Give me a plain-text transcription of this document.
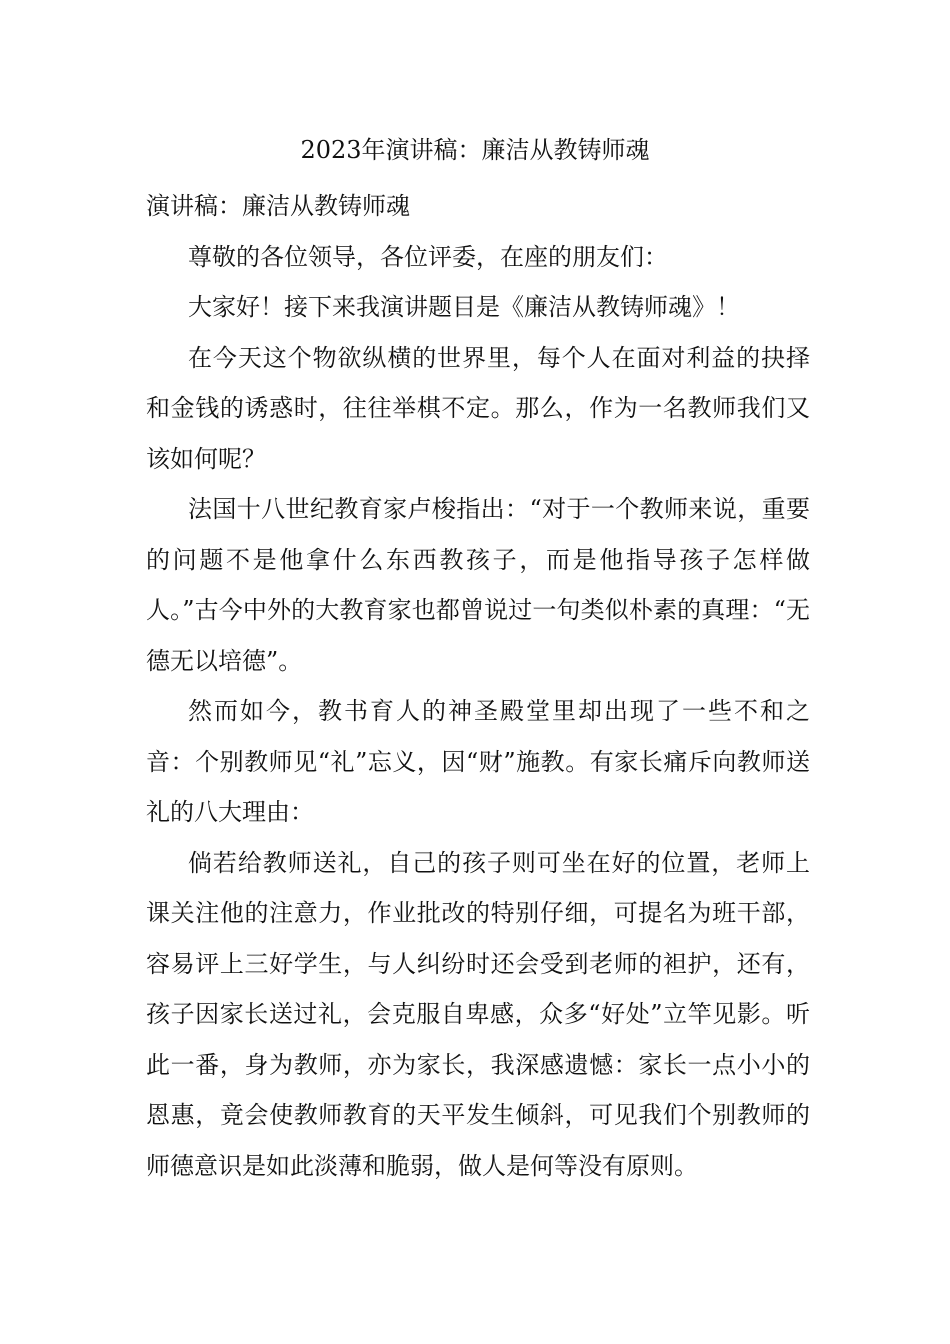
2023年演讲稿：廉洁从教铸师魂

演讲稿：廉洁从教铸师魂

尊敬的各位领导，各位评委，在座的朋友们：

大家好！接下来我演讲题目是《廉洁从教铸师魂》！

在今天这个物欲纵横的世界里，每个人在面对利益的抉择和金钱的诱惑时，往往举棋不定。那么，作为一名教师我们又该如何呢？

法国十八世纪教育家卢梭指出：“对于一个教师来说，重要的问题不是他拿什么东西教孩子，而是他指导孩子怎样做人。”古今中外的大教育家也都曾说过一句类似朴素的真理：“无德无以培德”。

然而如今，教书育人的神圣殿堂里却出现了一些不和之音：个别教师见“礼”忘义，因“财”施教。有家长痛斥向教师送礼的八大理由：

倘若给教师送礼，自己的孩子则可坐在好的位置，老师上课关注他的注意力，作业批改的特别仔细，可提名为班干部，容易评上三好学生，与人纠纷时还会受到老师的袒护，还有，孩子因家长送过礼，会克服自卑感，众多“好处”立竿见影。听此一番，身为教师，亦为家长，我深感遗憾：家长一点小小的恩惠，竟会使教师教育的天平发生倾斜，可见我们个别教师的师德意识是如此淡薄和脆弱，做人是何等没有原则。
